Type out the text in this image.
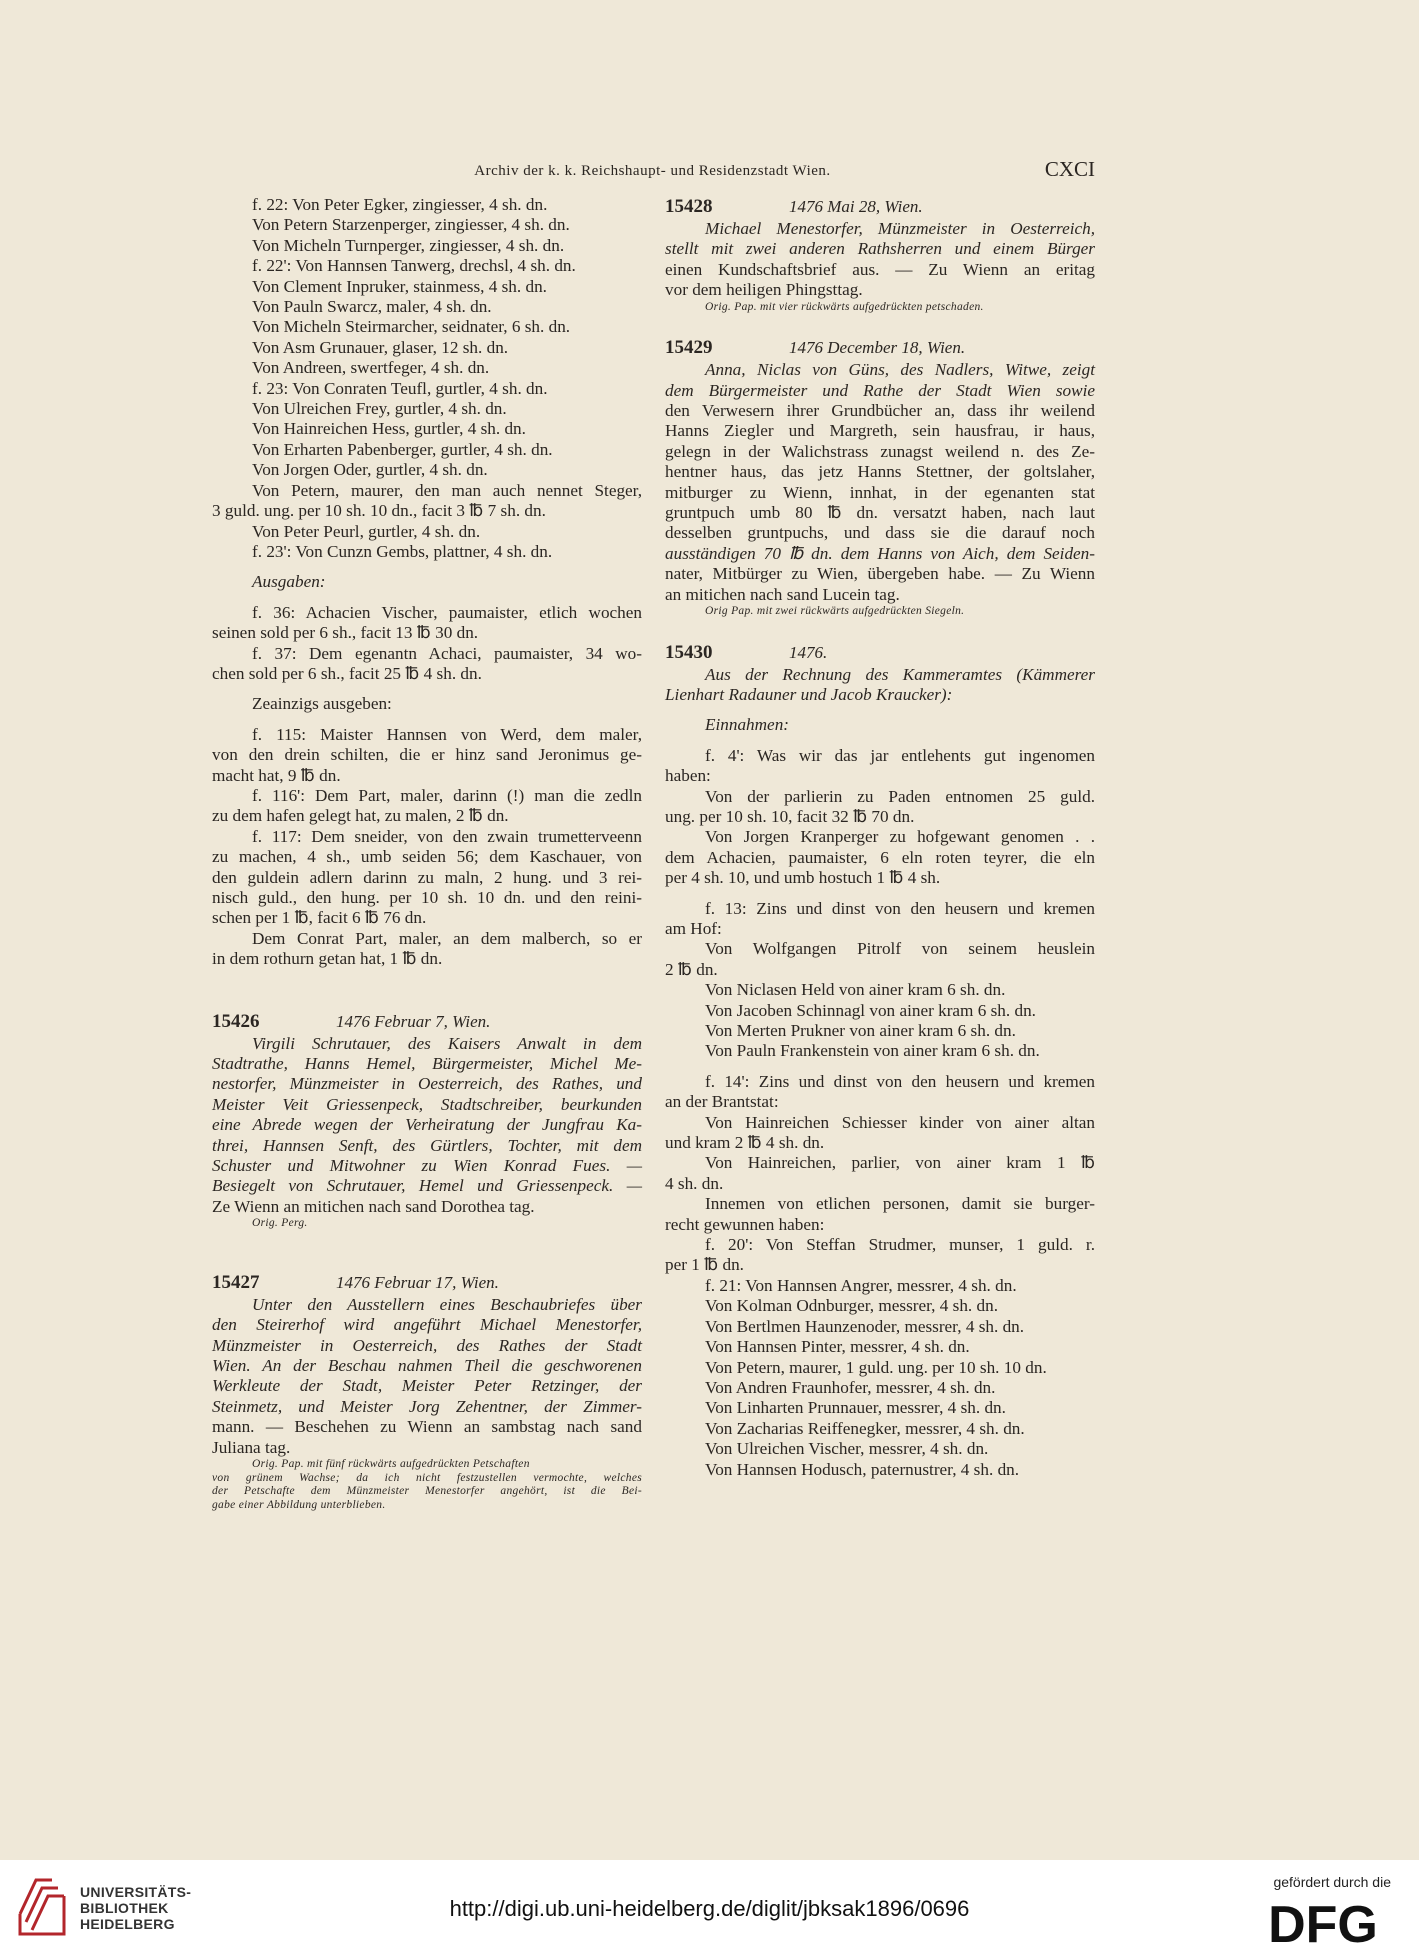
Archiv der k. k. Reichshaupt- und Residenzstadt Wien.	CXCI
f. 22: Von Peter Egker, zingiesser, 4 sh. dn.
Von Petern Starzenperger, zingiesser, 4 sh. dn.
Von Micheln Turnperger, zingiesser, 4 sh. dn.
f. 22': Von Hannsen Tanwerg, drechsl, 4 sh. dn.
Von Clement Inpruker, stainmess, 4 sh. dn.
Von Pauln Swarcz, maler, 4 sh. dn.
Von Micheln Steirmarcher, seidnater, 6 sh. dn.
Von Asm Grunauer, glaser, 12 sh. dn.
Von Andreen, swertfeger, 4 sh. dn.
f. 23: Von Conraten Teufl, gurtler, 4 sh. dn.
Von Ulreichen Frey, gurtler, 4 sh. dn.
Von Hainreichen Hess, gurtler, 4 sh. dn.
Von Erharten Pabenberger, gurtler, 4 sh. dn.
Von Jorgen Oder, gurtler, 4 sh. dn.
Von Petern, maurer, den man auch nennet Steger,
3 guld. ung. per 10 sh. 10 dn., facit 3 ℔ 7 sh. dn.
Von Peter Peurl, gurtler, 4 sh. dn.
f. 23': Von Cunzn Gembs, plattner, 4 sh. dn.
Ausgaben:
f. 36: Achacien Vischer, paumaister, etlich wochen
seinen sold per 6 sh., facit 13 ℔ 30 dn.
f. 37: Dem egenantn Achaci, paumaister, 34 wo-
chen sold per 6 sh., facit 25 ℔ 4 sh. dn.
Zeainzigs ausgeben:
f. 115: Maister Hannsen von Werd, dem maler,
von den drein schilten, die er hinz sand Jeronimus ge-
macht hat, 9 ℔ dn.
f. 116': Dem Part, maler, darinn (!) man die zedln
zu dem hafen gelegt hat, zu malen, 2 ℔ dn.
f. 117: Dem sneider, von den zwain trumetterveenn
zu machen, 4 sh., umb seiden 56; dem Kaschauer, von
den guldein adlern darinn zu maln, 2 hung. und 3 rei-
nisch guld., den hung. per 10 sh. 10 dn. und den reini-
schen per 1 ℔, facit 6 ℔ 76 dn.
Dem Conrat Part, maler, an dem malberch, so er
in dem rothurn getan hat, 1 ℔ dn.
15426	1476 Februar 7, Wien.
Virgili Schrutauer, des Kaisers Anwalt in dem
Stadtrathe, Hanns Hemel, Bürgermeister, Michel Me-
nestorfer, Münzmeister in Oesterreich, des Rathes, und
Meister Veit Griessenpeck, Stadtschreiber, beurkunden
eine Abrede wegen der Verheiratung der Jungfrau Ka-
threi, Hannsen Senft, des Gürtlers, Tochter, mit dem
Schuster und Mitwohner zu Wien Konrad Fues. —
Besiegelt von Schrutauer, Hemel und Griessenpeck. —
Ze Wienn an mitichen nach sand Dorothea tag.
Orig. Perg.
15427	1476 Februar 17, Wien.
Unter den Ausstellern eines Beschaubriefes über
den Steirerhof wird angeführt Michael Menestorfer,
Münzmeister in Oesterreich, des Rathes der Stadt
Wien. An der Beschau nahmen Theil die geschworenen
Werkleute der Stadt, Meister Peter Retzinger, der
Steinmetz, und Meister Jorg Zehentner, der Zimmer-
mann. — Beschehen zu Wienn an sambstag nach sand
Juliana tag.
Orig. Pap. mit fünf rückwärts aufgedrückten Petschaften
von grünem Wachse; da ich nicht festzustellen vermochte, welches
der Petschafte dem Münzmeister Menestorfer angehört, ist die Bei-
gabe einer Abbildung unterblieben.
15428	1476 Mai 28, Wien.
Michael Menestorfer, Münzmeister in Oesterreich,
stellt mit zwei anderen Rathsherren und einem Bürger
einen Kundschaftsbrief aus. — Zu Wienn an eritag
vor dem heiligen Phingsttag.
Orig. Pap. mit vier rückwärts aufgedrückten petschaden.
15429	1476 December 18, Wien.
Anna, Niclas von Güns, des Nadlers, Witwe, zeigt
dem Bürgermeister und Rathe der Stadt Wien sowie
den Verwesern ihrer Grundbücher an, dass ihr weilend
Hanns Ziegler und Margreth, sein hausfrau, ir haus,
gelegn in der Walichstrass zunagst weilend n. des Ze-
hentner haus, das jetz Hanns Stettner, der goltslaher,
mitburger zu Wienn, innhat, in der egenanten stat
gruntpuch umb 80 ℔ dn. versatzt haben, nach laut
desselben gruntpuchs, und dass sie die darauf noch
ausständigen 70 ℔ dn. dem Hanns von Aich, dem Seiden-
nater, Mitbürger zu Wien, übergeben habe. — Zu Wienn
an mitichen nach sand Lucein tag.
Orig Pap. mit zwei rückwärts aufgedrückten Siegeln.
15430	1476.
Aus der Rechnung des Kammeramtes (Kämmerer
Lienhart Radauner und Jacob Kraucker):
Einnahmen:
f. 4': Was wir das jar entlehents gut ingenomen
haben:
Von der parlierin zu Paden entnomen 25 guld.
ung. per 10 sh. 10, facit 32 ℔ 70 dn.
Von Jorgen Kranperger zu hofgewant genomen . .
dem Achacien, paumaister, 6 eln roten teyrer, die eln
per 4 sh. 10, und umb hostuch 1 ℔ 4 sh.
f. 13: Zins und dinst von den heusern und kremen
am Hof:
Von Wolfgangen Pitrolf von seinem heuslein
2 ℔ dn.
Von Niclasen Held von ainer kram 6 sh. dn.
Von Jacoben Schinnagl von ainer kram 6 sh. dn.
Von Merten Prukner von ainer kram 6 sh. dn.
Von Pauln Frankenstein von ainer kram 6 sh. dn.
f. 14': Zins und dinst von den heusern und kremen
an der Brantstat:
Von Hainreichen Schiesser kinder von ainer altan
und kram 2 ℔ 4 sh. dn.
Von Hainreichen, parlier, von ainer kram 1 ℔
4 sh. dn.
Innemen von etlichen personen, damit sie burger-
recht gewunnen haben:
f. 20': Von Steffan Strudmer, munser, 1 guld. r.
per 1 ℔ dn.
f. 21: Von Hannsen Angrer, messrer, 4 sh. dn.
Von Kolman Odnburger, messrer, 4 sh. dn.
Von Bertlmen Haunzenoder, messrer, 4 sh. dn.
Von Hannsen Pinter, messrer, 4 sh. dn.
Von Petern, maurer, 1 guld. ung. per 10 sh. 10 dn.
Von Andren Fraunhofer, messrer, 4 sh. dn.
Von Linharten Prunnauer, messrer, 4 sh. dn.
Von Zacharias Reiffenegker, messrer, 4 sh. dn.
Von Ulreichen Vischer, messrer, 4 sh. dn.
Von Hannsen Hodusch, paternustrer, 4 sh. dn.
UNIVERSITÄTS-
BIBLIOTHEK
HEIDELBERG
http://digi.ub.uni-heidelberg.de/diglit/jbksak1896/0696
gefördert durch die
DFG
